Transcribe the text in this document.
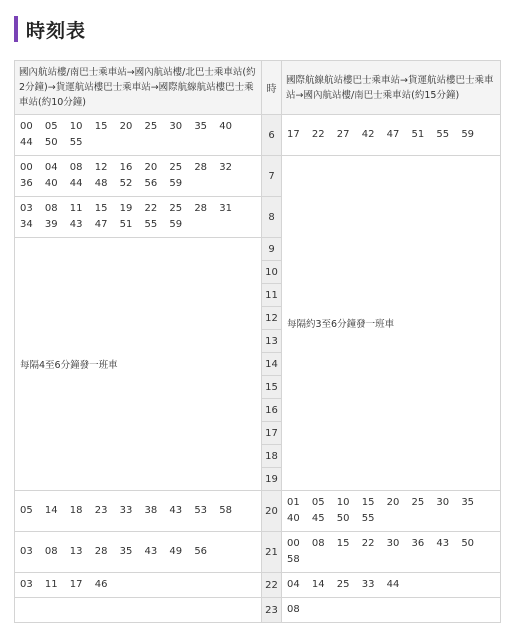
時刻表
國內航站樓/南巴士乘車站→國內航站樓/北巴士乘車站(約2分鐘)→貨運航站樓巴士乘車站→國際航線航站樓巴士乘車站(約10分鐘)	時	國際航線航站樓巴士乘車站→貨運航站樓巴士乘車站→國內航站樓/南巴士乘車站(約15分鐘)
00 05 10 15 20 25 30 35 40 44 50 55	6	17 22 27 42 47 51 55 59
00 04 08 12 16 20 25 28 32 36 40 44 48 52 56 59	7	每隔約3至6分鐘發一班車
03 08 11 15 19 22 25 28 31 34 39 43 47 51 55 59	8	
每隔4至6分鐘發一班車	9	
	10	
	11	
	12	
	13	
	14	
	15	
	16	
	17	
	18	
	19	
05 14 18 23 33 38 43 53 58	20	01 05 10 15 20 25 30 35 40 45 50 55
03 08 13 28 35 43 49 56	21	00 08 15 22 30 36 43 50 58
03 11 17 46	22	04 14 25 33 44
	23	08
